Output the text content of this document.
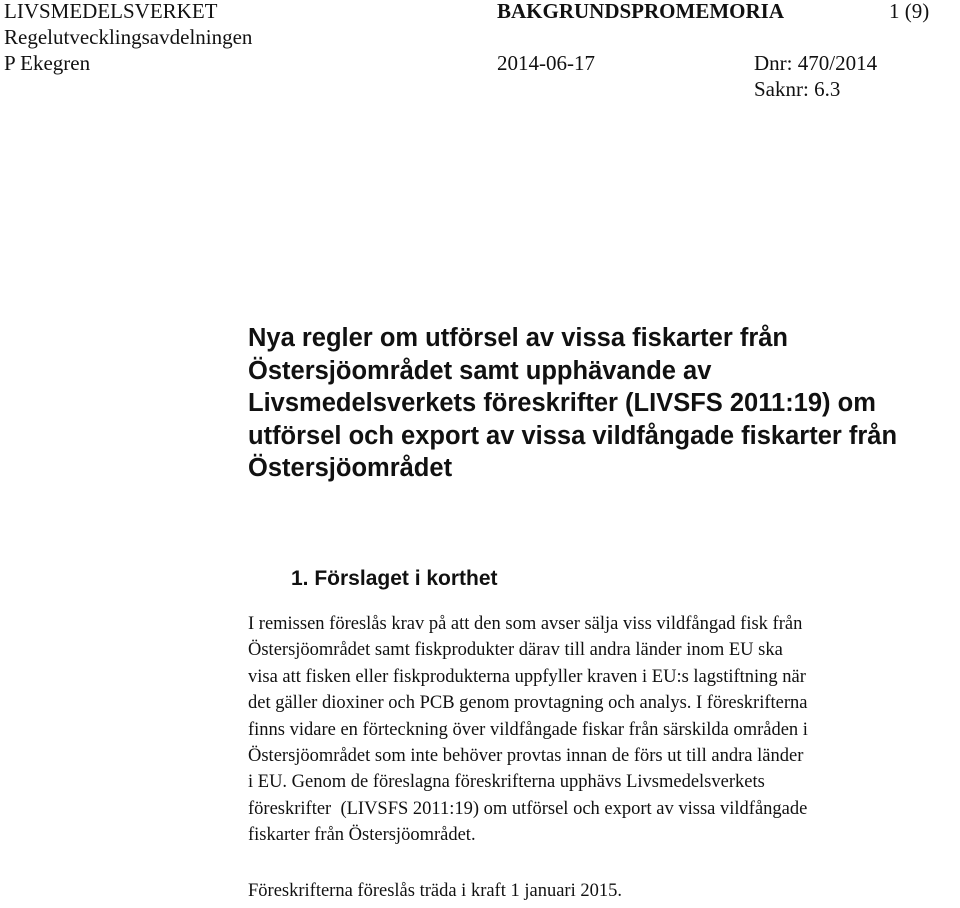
LIVSMEDELSVERKET	BAKGRUNDSPROMEMORIA	1 (9)
Regelutvecklingsavdelningen
P Ekegren	2014-06-17	Dnr: 470/2014
Saknr: 6.3
Nya regler om utförsel av vissa fiskarter från
Östersjöområdet samt upphävande av
Livsmedelsverkets föreskrifter (LIVSFS 2011:19) om
utförsel och export av vissa vildfångade fiskarter från
Östersjöområdet
1. Förslaget i korthet

I remissen föreslås krav på att den som avser sälja viss vildfångad fisk från
Östersjöområdet samt fiskprodukter därav till andra länder inom EU ska
visa att fisken eller fiskprodukterna uppfyller kraven i EU:s lagstiftning när
det gäller dioxiner och PCB genom provtagning och analys. I föreskrifterna
finns vidare en förteckning över vildfångade fiskar från särskilda områden i
Östersjöområdet som inte behöver provtas innan de förs ut till andra länder
i EU. Genom de föreslagna föreskrifterna upphävs Livsmedelsverkets
föreskrifter  (LIVSFS 2011:19) om utförsel och export av vissa vildfångade
fiskarter från Östersjöområdet.

Föreskrifterna föreslås träda i kraft 1 januari 2015.
